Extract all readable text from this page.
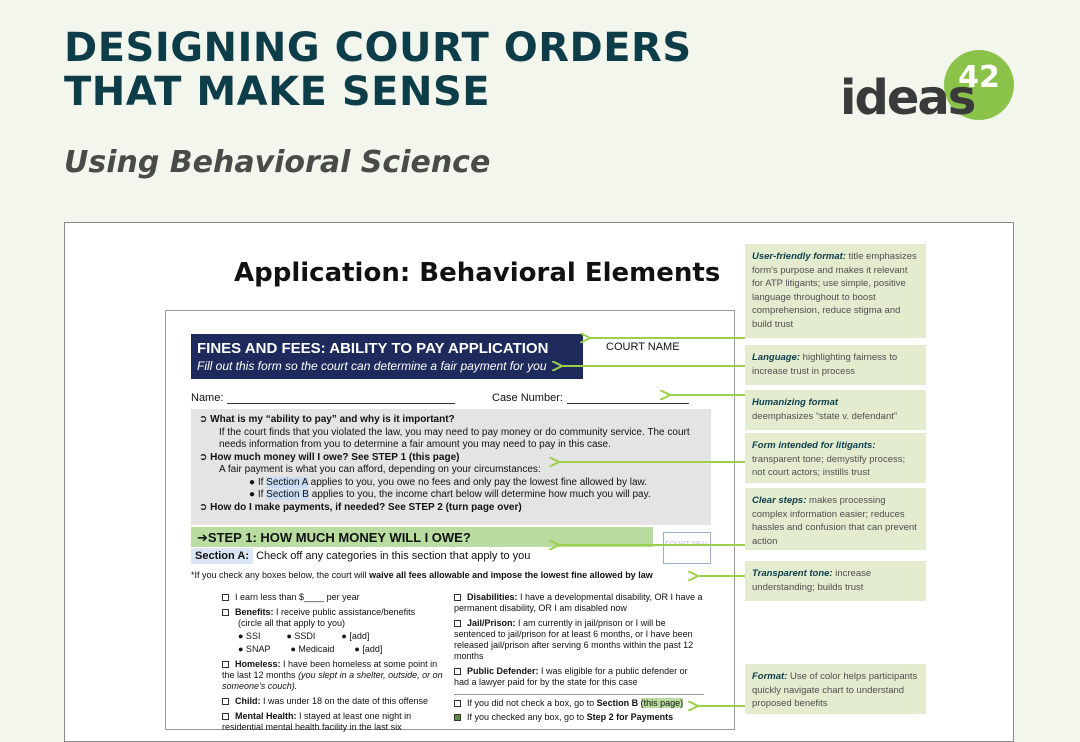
DESIGNING COURT ORDERS
THAT MAKE SENSE
Using Behavioral Science
ideas
42
Application: Behavioral Elements
FINES AND FEES: ABILITY TO PAY APPLICATION
Fill out this form so the court can determine a fair payment for you
COURT NAME
Name:	Case Number:
➲ What is my “ability to pay” and why is it important?
If the court finds that you violated the law, you may need to pay money or do community service. The court needs information from you to determine a fair amount you may need to pay in this case.
➲ How much money will I owe? See STEP 1 (this page)
A fair payment is what you can afford, depending on your circumstances:
● If Section A applies to you, you owe no fees and only pay the lowest fine allowed by law.
● If Section B applies to you, the income chart below will determine how much you will pay.
➲ How do I make payments, if needed? See STEP 2 (turn page over)
➔STEP 1: HOW MUCH MONEY WILL I OWE?	COURT SEAL
Section A: Check off any categories in this section that apply to you
*If you check any boxes below, the court will waive all fees allowable and impose the lowest fine allowed by law
I earn less than $____ per year
Benefits: I receive public assistance/benefits
(circle all that apply to you)
● SSI	● SSDI	● [add]
● SNAP ● Medicaid ● [add]
Homeless: I have been homeless at some point in the last 12 months (you slept in a shelter, outside, or on someone's couch).
Child: I was under 18 on the date of this offense
Mental Health: I stayed at least one night in residential mental health facility in the last six
Disabilities: I have a developmental disability, OR I have a permanent disability, OR I am disabled now
Jail/Prison: I am currently in jail/prison or I will be sentenced to jail/prison for at least 6 months, or I have been released jail/prison after serving 6 months within the past 12 months
Public Defender: I was eligible for a public defender or had a lawyer paid for by the state for this case
If you did not check a box, go to Section B (this page)
If you checked any box, go to Step 2 for Payments
User-friendly format: title emphasizes form's purpose and makes it relevant for ATP litigants; use simple, positive language throughout to boost comprehension, reduce stigma and build trust
Language: highlighting fairness to increase trust in process
Humanizing format
deemphasizes “state v. defendant”
Form intended for litigants: transparent tone; demystify process; not court actors; instills trust
Clear steps: makes processing complex information easier; reduces hassles and confusion that can prevent action
Transparent tone: increase understanding; builds trust
Format: Use of color helps participants quickly navigate chart to understand proposed benefits
